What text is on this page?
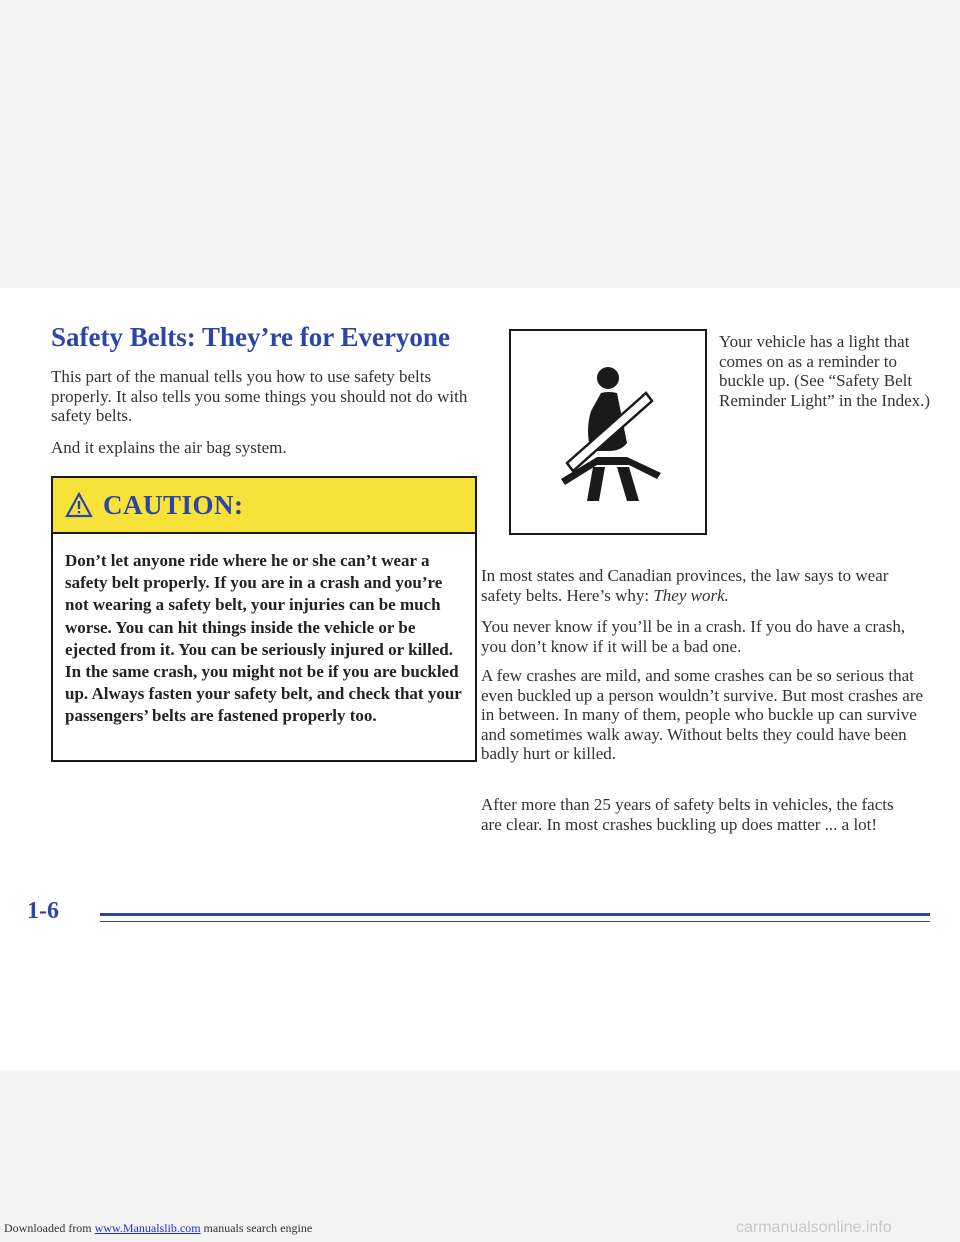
Safety Belts: They’re for Everyone

This part of the manual tells you how to use safety belts properly. It also tells you some things you should not do with safety belts.

And it explains the air bag system.

CAUTION:

Don’t let anyone ride where he or she can’t wear a safety belt properly. If you are in a crash and you’re not wearing a safety belt, your injuries can be much worse. You can hit things inside the vehicle or be ejected from it. You can be seriously injured or killed. In the same crash, you might not be if you are buckled up. Always fasten your safety belt, and check that your passengers’ belts are fastened properly too.

Your vehicle has a light that comes on as a reminder to buckle up. (See “Safety Belt Reminder Light” in the Index.)

In most states and Canadian provinces, the law says to wear safety belts. Here’s why: They work.

You never know if you’ll be in a crash. If you do have a crash, you don’t know if it will be a bad one.

A few crashes are mild, and some crashes can be so serious that even buckled up a person wouldn’t survive. But most crashes are in between. In many of them, people who buckle up can survive and sometimes walk away. Without belts they could have been badly hurt or killed.

After more than 25 years of safety belts in vehicles, the facts are clear. In most crashes buckling up does matter ... a lot!

1-6
Downloaded from www.Manualslib.com manuals search engine	carmanualsonline.info
